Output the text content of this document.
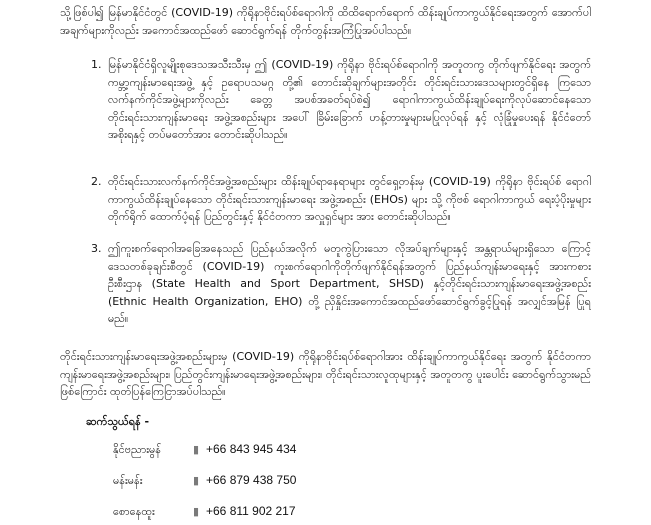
သို့ဖြစ်ပါ၍ မြန်မာနိုင်ငံတွင် (COVID-19) ကိုရိုနာဗိုင်းရပ်စ်ရောဂါကို ထိထိရောက်ရောက် ထိန်းချုပ်ကာကွယ်နိုင်ရေးအတွက် အောက်ပါအချက်များကိုလည်း အကောင်အထည်ဖော် ဆောင်ရွက်ရန် တိုက်တွန်းအကြံပြုအပ်ပါသည်။

1. မြန်မာနိုင်ငံရှိလူမျိုးစုဒေသအသီးသီးမှ ဤ (COVID-19) ကိုရိုနာ ဗိုင်းရပ်စ်ရောဂါကို အတူတကွ တိုက်ဖျက်နိုင်ရေး အတွက် ကမ္ဘာ့ကျန်းမာရေးအဖွဲ့ နှင့် ဥရောပသမဂ္ဂ တို့၏ တောင်းဆိုချက်များအတိုင်း တိုင်းရင်းသားဒေသများတွင်ရှိနေ ကြသော လက်နက်ကိုင်အဖွဲ့များကိုလည်း ခေတ္တ အပစ်အခတ်ရပ်စဲ၍ ရောဂါကာကွယ်ထိန်းချုပ်ရေးကိုလုပ်ဆောင်နေသော တိုင်းရင်းသားကျန်းမာရေး အဖွဲ့အစည်းများ အပေါ် ခြိမ်းခြောက် ဟန့်တားမှုများမပြုလုပ်ရန် နှင့် လုံခြုံမှုပေးရန် နိုင်ငံတော်အစိုးရနှင့် တပ်မတော်အား တောင်းဆိုပါသည်။

2. တိုင်းရင်းသားလက်နက်ကိုင်အဖွဲ့အစည်းများ ထိန်းချုပ်ရာနေရာများ တွင်ရှေ့တန်းမှ (COVID-19) ကိုရိုနာ ဗိုင်းရပ်စ် ရောဂါ ကာကွယ်ထိန်းချုပ်နေသော တိုင်းရင်းသားကျန်းမာရေး အဖွဲ့အစည်း (EHOs) များ သို့ ကိုဗစ် ရောဂါကာကွယ် ရေးပံ့ပိုးမှုများ တိုက်ရိုက် ထောက်ပံ့ရန် ပြည်တွင်းနှင့် နိုင်ငံတကာ အလှူရှင်များ အား တောင်းဆိုပါသည်။

3. ဤကူးစက်ရောဂါအခြေအနေသည် ပြည်နယ်အလိုက် မတူကွဲပြားသော လိုအပ်ချက်များနှင့် အန္တရာယ်များရှိသော ကြောင့် ဒေသတစ်ခုချင်းစီတွင် (COVID-19) ကူးစက်ရောဂါကိုတိုက်ဖျက်နိုင်ရန်အတွက် ပြည်နယ်ကျန်းမာရေးနှင့် အားကစားဦးစီးဌာန (State Health and Sport Department, SHSD) နှင့်တိုင်းရင်းသားကျန်းမာရေးအဖွဲ့အစည်း (Ethnic Health Organization, EHO) တို့ ညှိနှိုင်းအကောင်အထည်ဖော်ဆောင်ရွက်ခွင့်ပြုရန် အလျှင်အမြန် ပြုရမည်။

တိုင်းရင်းသားကျန်းမာရေးအဖွဲ့အစည်းများမှ (COVID-19) ကိုရိုနာဗိုင်းရပ်စ်ရောဂါအား ထိန်းချုပ်ကာကွယ်နိုင်ရေး အတွက် နိုင်ငံတကာ ကျန်းမာရေးအဖွဲ့အစည်းများ၊ ပြည်တွင်းကျန်းမာရေးအဖွဲ့အစည်းများ၊ တိုင်းရင်းသားလူထုများနှင့် အတူတကွ ပူးပေါင်း ဆောင်ရွက်သွားမည် ဖြစ်ကြောင်း ထုတ်ပြန်ကြေငြာအပ်ပါသည်။

ဆက်သွယ်ရန် -
နိုင်ဗညားမွန်	▮ +66 843 945 434
မန်းမန်း	▮ +66 879 438 750
စောနေထူး	▮ +66 811 902 217
